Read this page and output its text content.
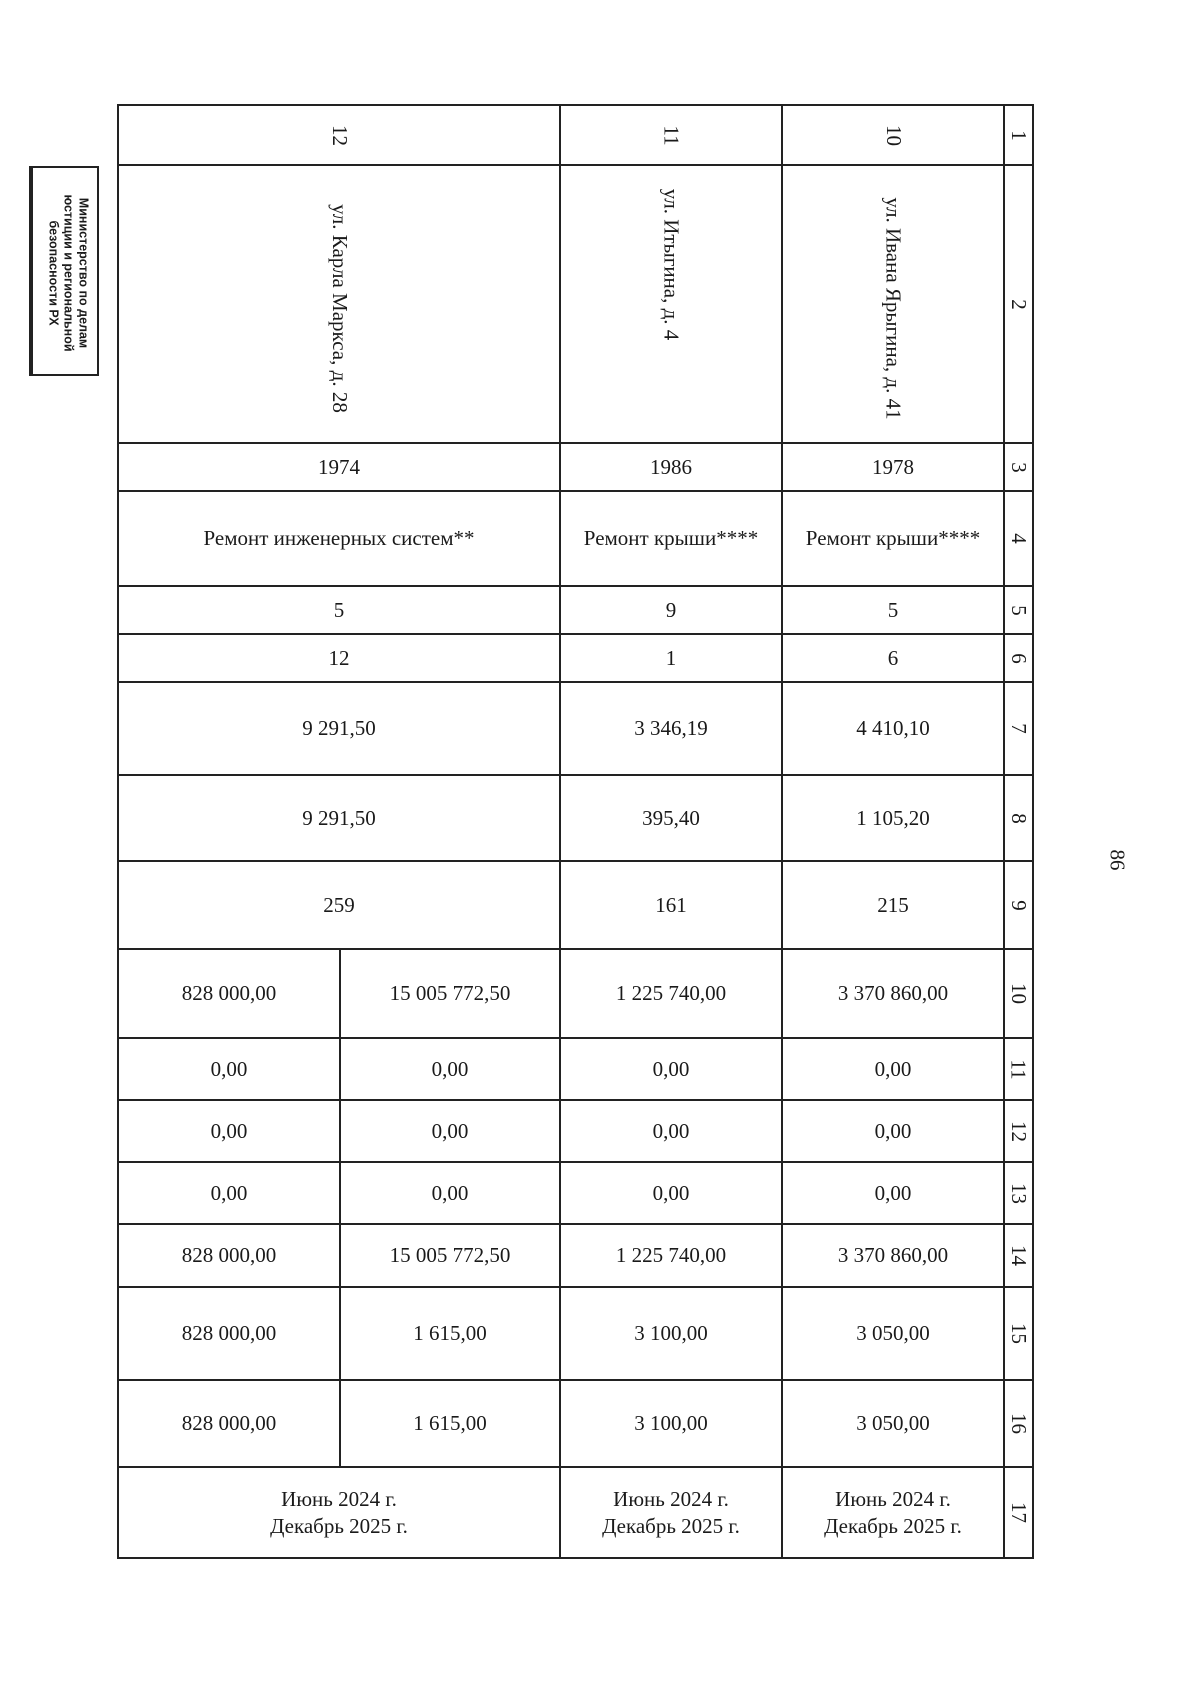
Министерство по делам
юстиции и региональной
безопасности РХ
86
1
2
3
4
5
6
7
8
9
10
11
12
13
14
15
16
17
10
ул. Ивана Ярыгина, д. 41
1978
Ремонт крыши****
5
6
4 410,10
1 105,20
215
3 370 860,00
0,00
0,00
0,00
3 370 860,00
3 050,00
3 050,00
Июнь 2024 г.
Декабрь 2025 г.
11
ул. Итыгина, д. 4
1986
Ремонт крыши****
9
1
3 346,19
395,40
161
1 225 740,00
0,00
0,00
0,00
1 225 740,00
3 100,00
3 100,00
Июнь 2024 г.
Декабрь 2025 г.
12
ул. Карла Маркса, д. 28
1974
Ремонт инженерных систем**
5
12
9 291,50
9 291,50
259
15 005 772,50
828 000,00
0,00
0,00
0,00
0,00
0,00
0,00
15 005 772,50
828 000,00
1 615,00
828 000,00
1 615,00
828 000,00
Июнь 2024 г.
Декабрь 2025 г.
